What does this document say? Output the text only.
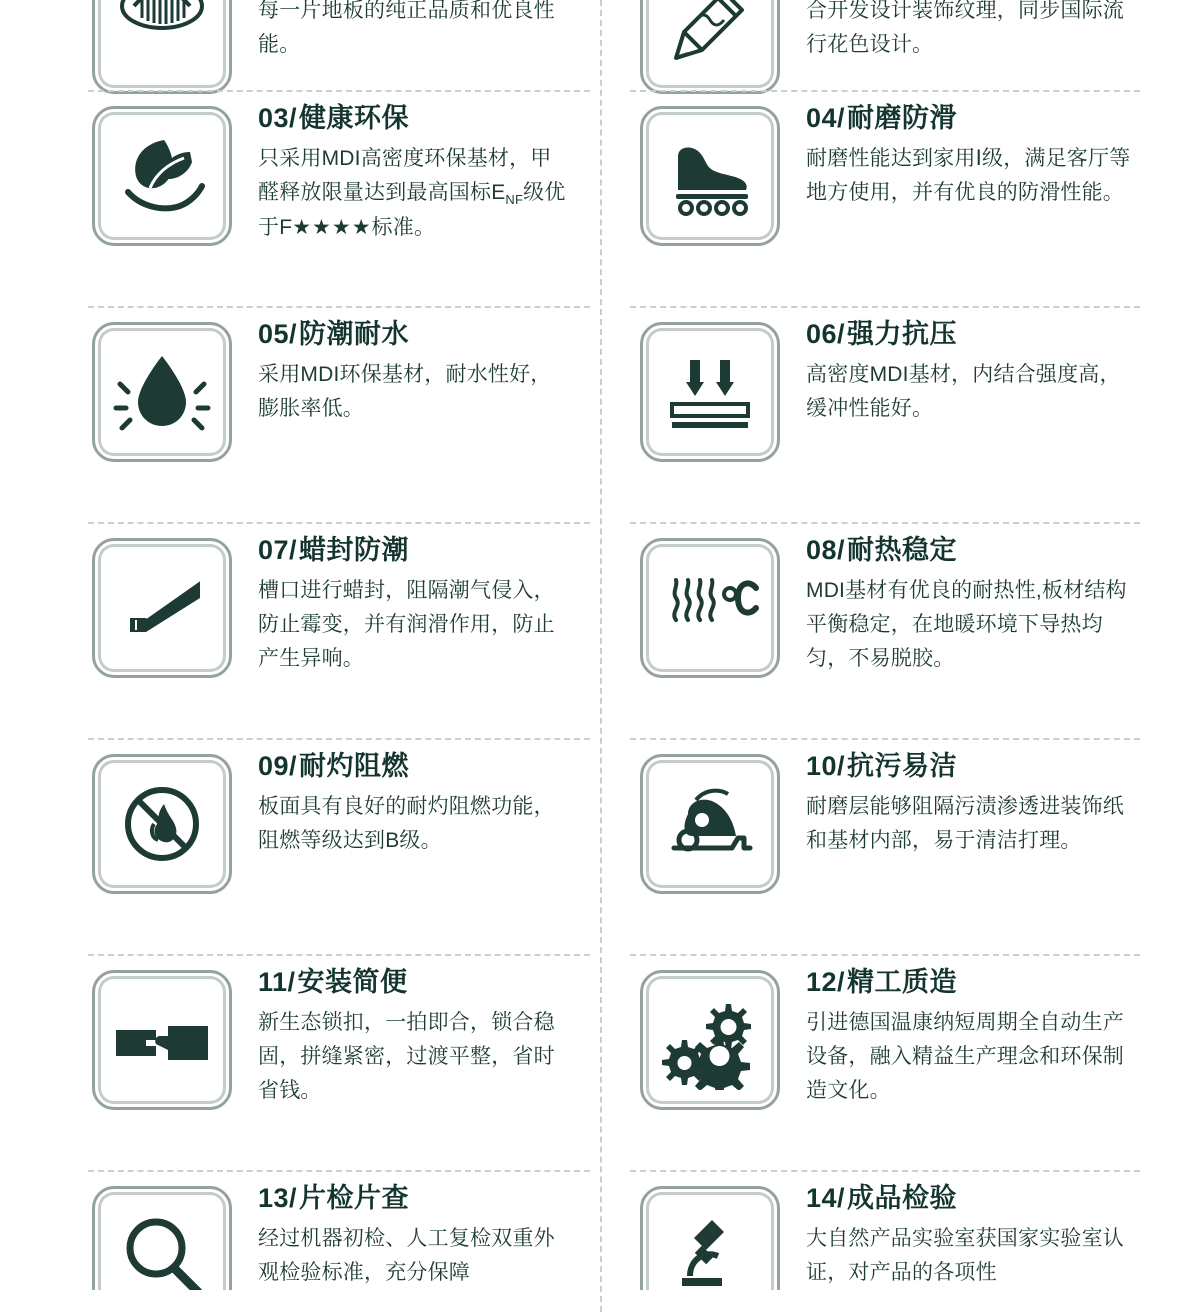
每一片地板的纯正品质和优良性能。

合开发设计装饰纹理，同步国际流行花色设计。

03/健康环保

只采用MDI高密度环保基材，甲醛释放限量达到最高国标$E_{NF}$级优于F★★★★标准。

04/耐磨防滑

耐磨性能达到家用Ⅰ级，满足客厅等地方使用，并有优良的防滑性能。

05/防潮耐水

采用MDI环保基材，耐水性好，膨胀率低。

06/强力抗压

高密度MDI基材，内结合强度高，缓冲性能好。

07/蜡封防潮

槽口进行蜡封，阻隔潮气侵入，防止霉变，并有润滑作用，防止产生异响。

08/耐热稳定

MDI基材有优良的耐热性,板材结构平衡稳定，在地暖环境下导热均匀，不易脱胶。

09/耐灼阻燃

板面具有良好的耐灼阻燃功能，阻燃等级达到B级。

10/抗污易洁

耐磨层能够阻隔污渍渗透进装饰纸和基材内部，易于清洁打理。

11/安装简便

新生态锁扣，一拍即合，锁合稳固，拼缝紧密，过渡平整，省时省钱。

12/精工质造

引进德国温康纳短周期全自动生产设备，融入精益生产理念和环保制造文化。

13/片检片查

经过机器初检、人工复检双重外观检验标准，充分保障

14/成品检验

大自然产品实验室获国家实验室认证，对产品的各项性
